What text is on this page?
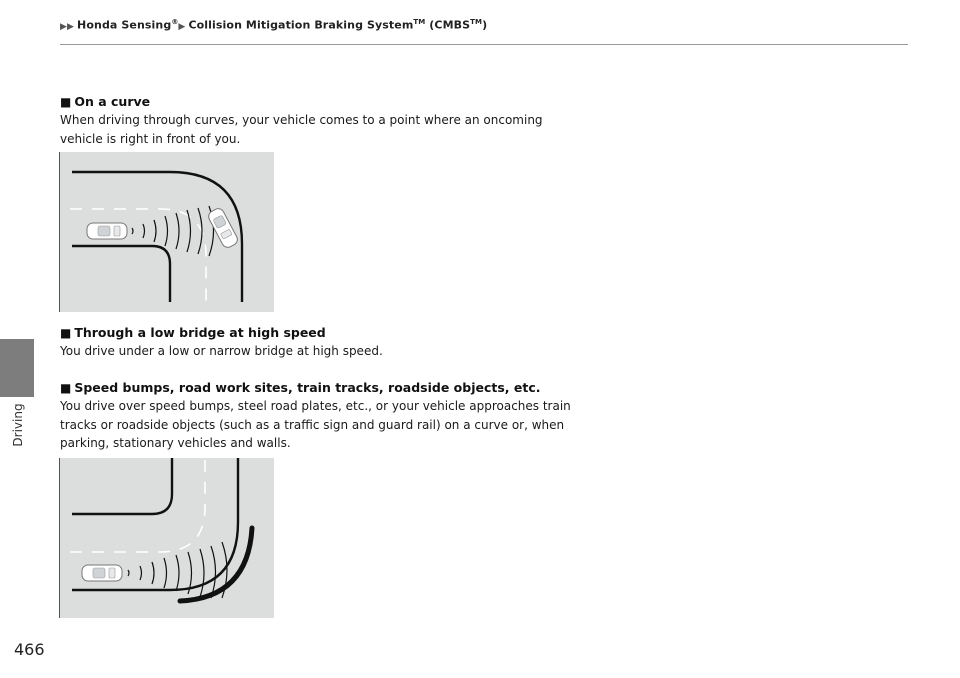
▶▶ Honda Sensing®▶ Collision Mitigation Braking System™ (CMBS™)
Driving
■ On a curve

When driving through curves, your vehicle comes to a point where an oncoming vehicle is right in front of you.

■ Through a low bridge at high speed

You drive under a low or narrow bridge at high speed.

■ Speed bumps, road work sites, train tracks, roadside objects, etc.

You drive over speed bumps, steel road plates, etc., or your vehicle approaches train tracks or roadside objects (such as a traffic sign and guard rail) on a curve or, when parking, stationary vehicles and walls.

466
